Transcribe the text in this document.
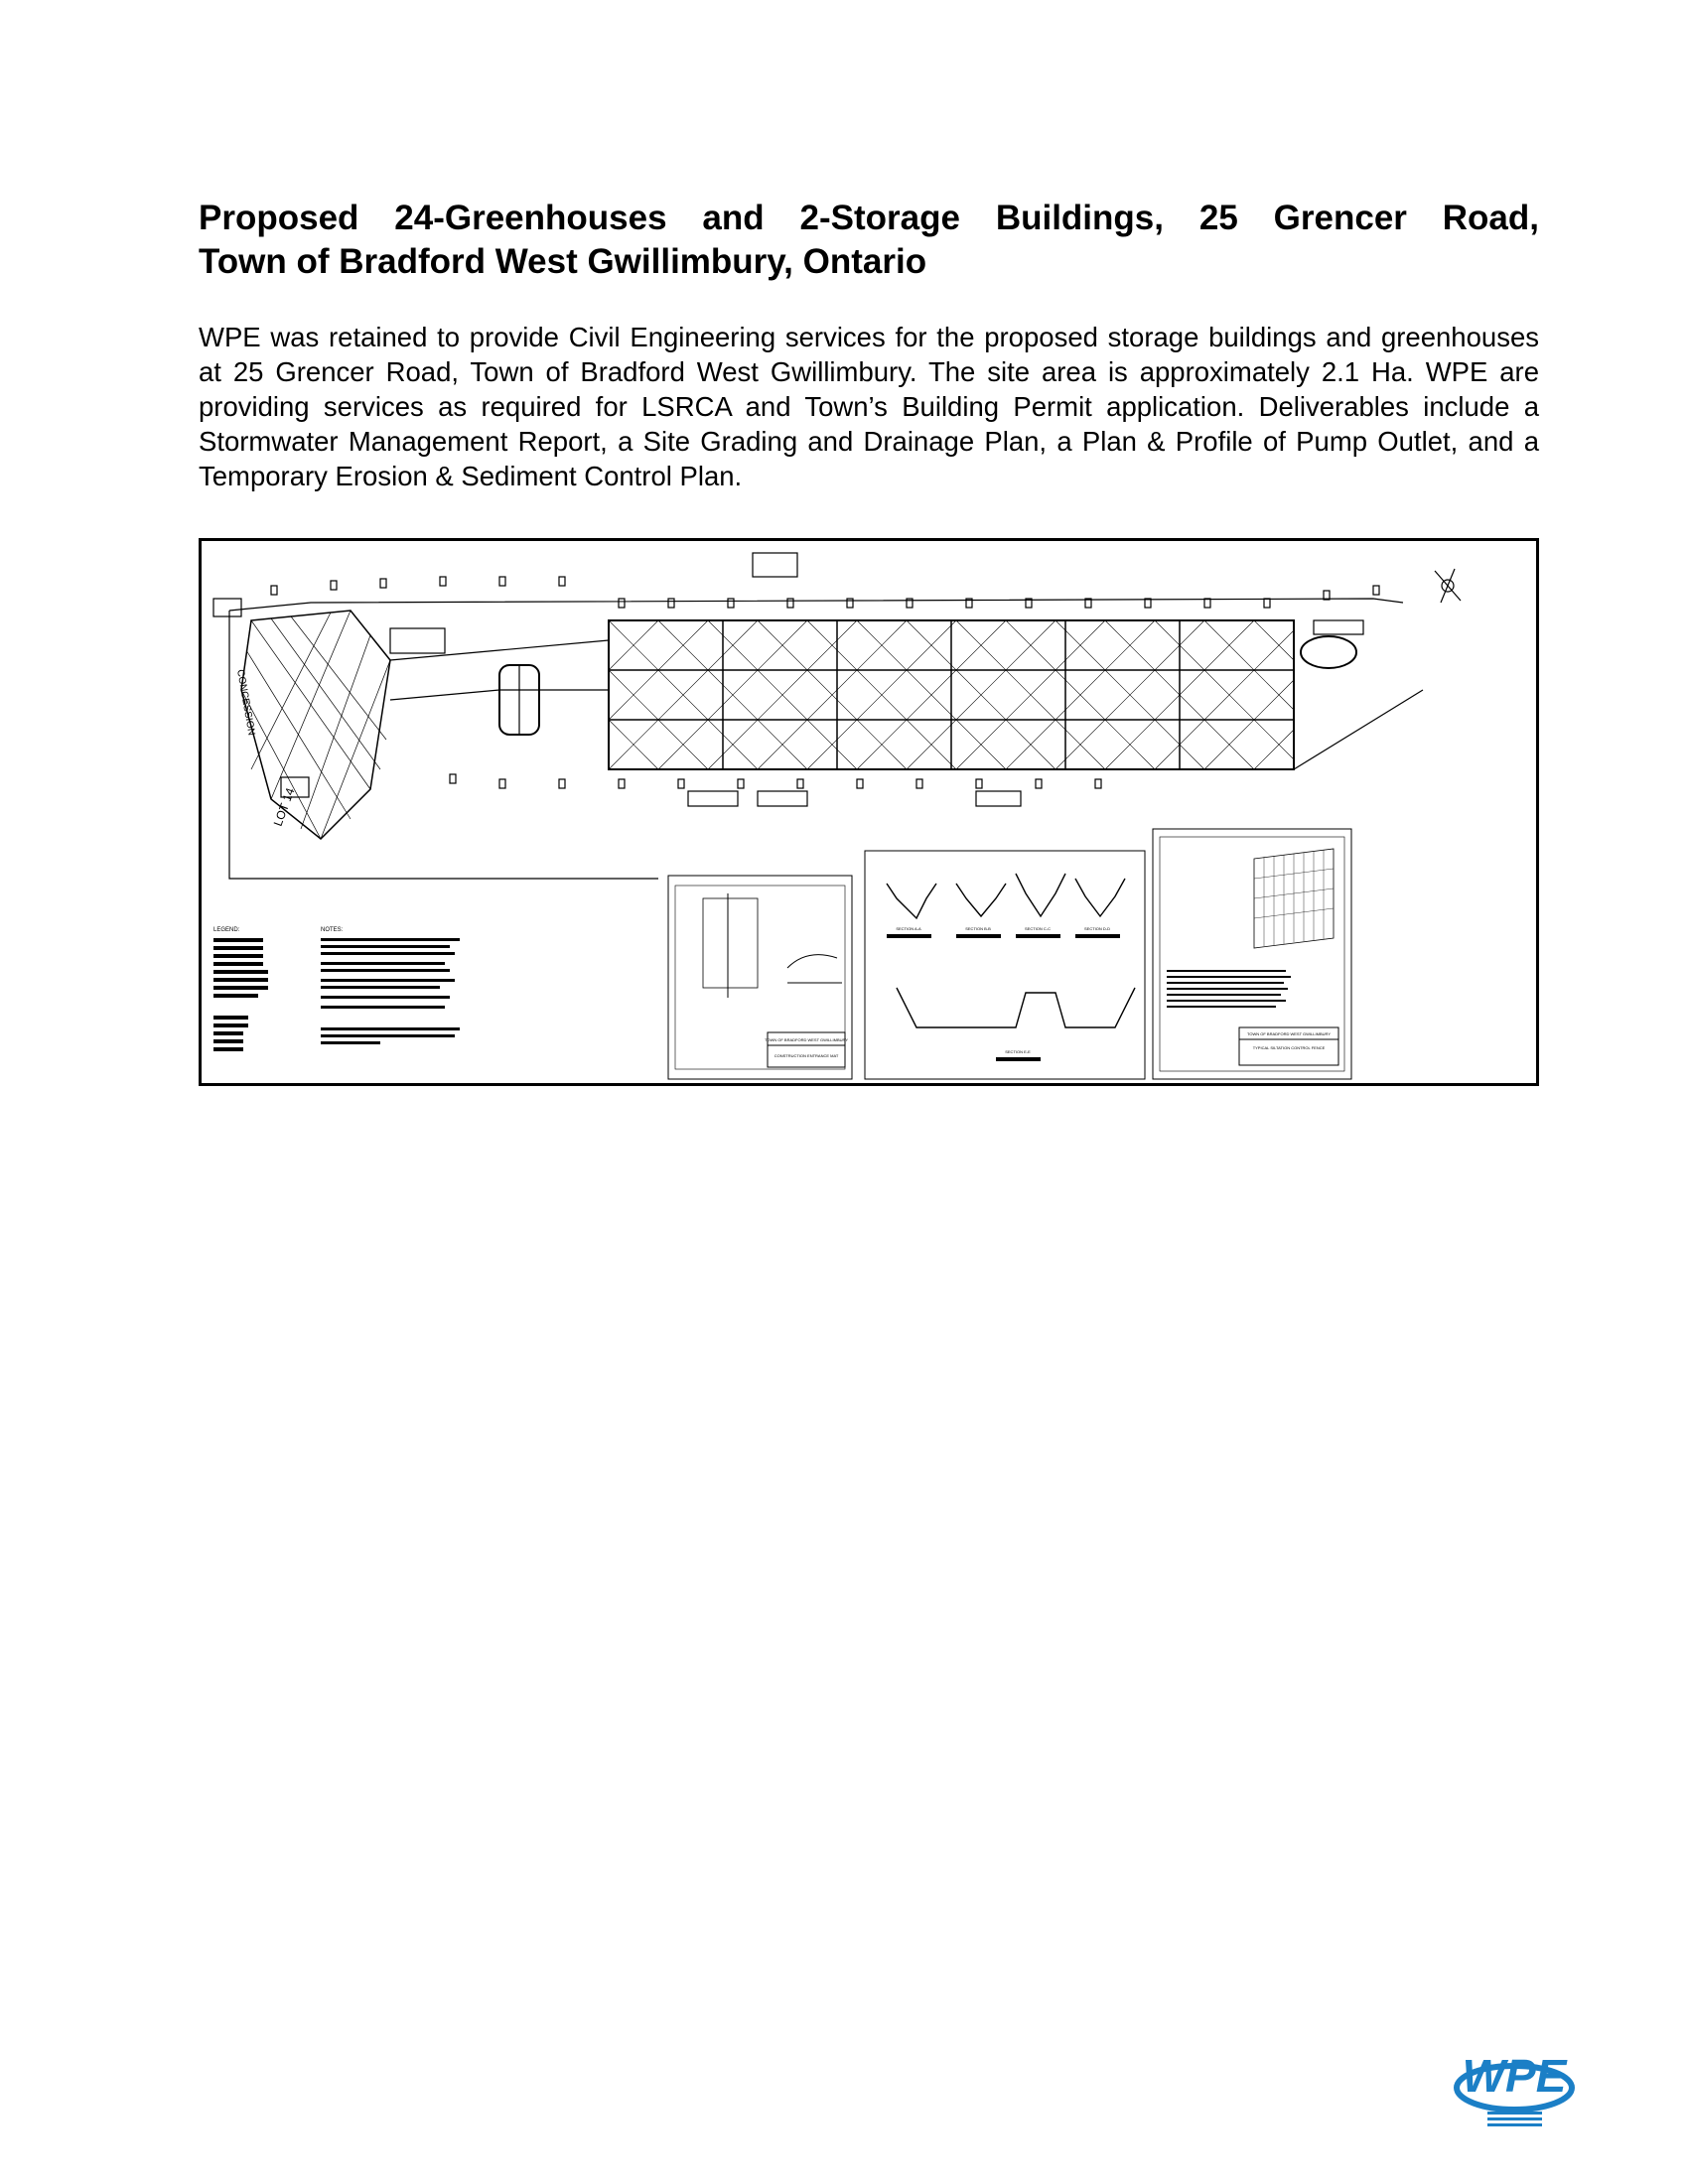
Proposed 24-Greenhouses and 2-Storage Buildings, 25 Grencer Road,
Town of Bradford West Gwillimbury, Ontario

WPE was retained to provide Civil Engineering services for the proposed storage buildings and greenhouses at 25 Grencer Road, Town of Bradford West Gwillimbury. The site area is approximately 2.1 Ha. WPE are providing services as required for LSRCA and Town’s Building Permit application. Deliverables include a Stormwater Management Report, a Site Grading and Drainage Plan, a Plan & Profile of Pump Outlet, and a Temporary Erosion & Sediment Control Plan.

CONCESSION
LOT 14
LEGEND:	NOTES:
TOWN OF BRADFORD WEST GWILLIMBURY
CONSTRUCTION ENTRANCE MAT
SECTION A-A	SECTION B-B	SECTION C-C	SECTION D-D
SECTION E-E
TOWN OF BRADFORD WEST GWILLIMBURY
TYPICAL SILTATION CONTROL FENCE
WPE
